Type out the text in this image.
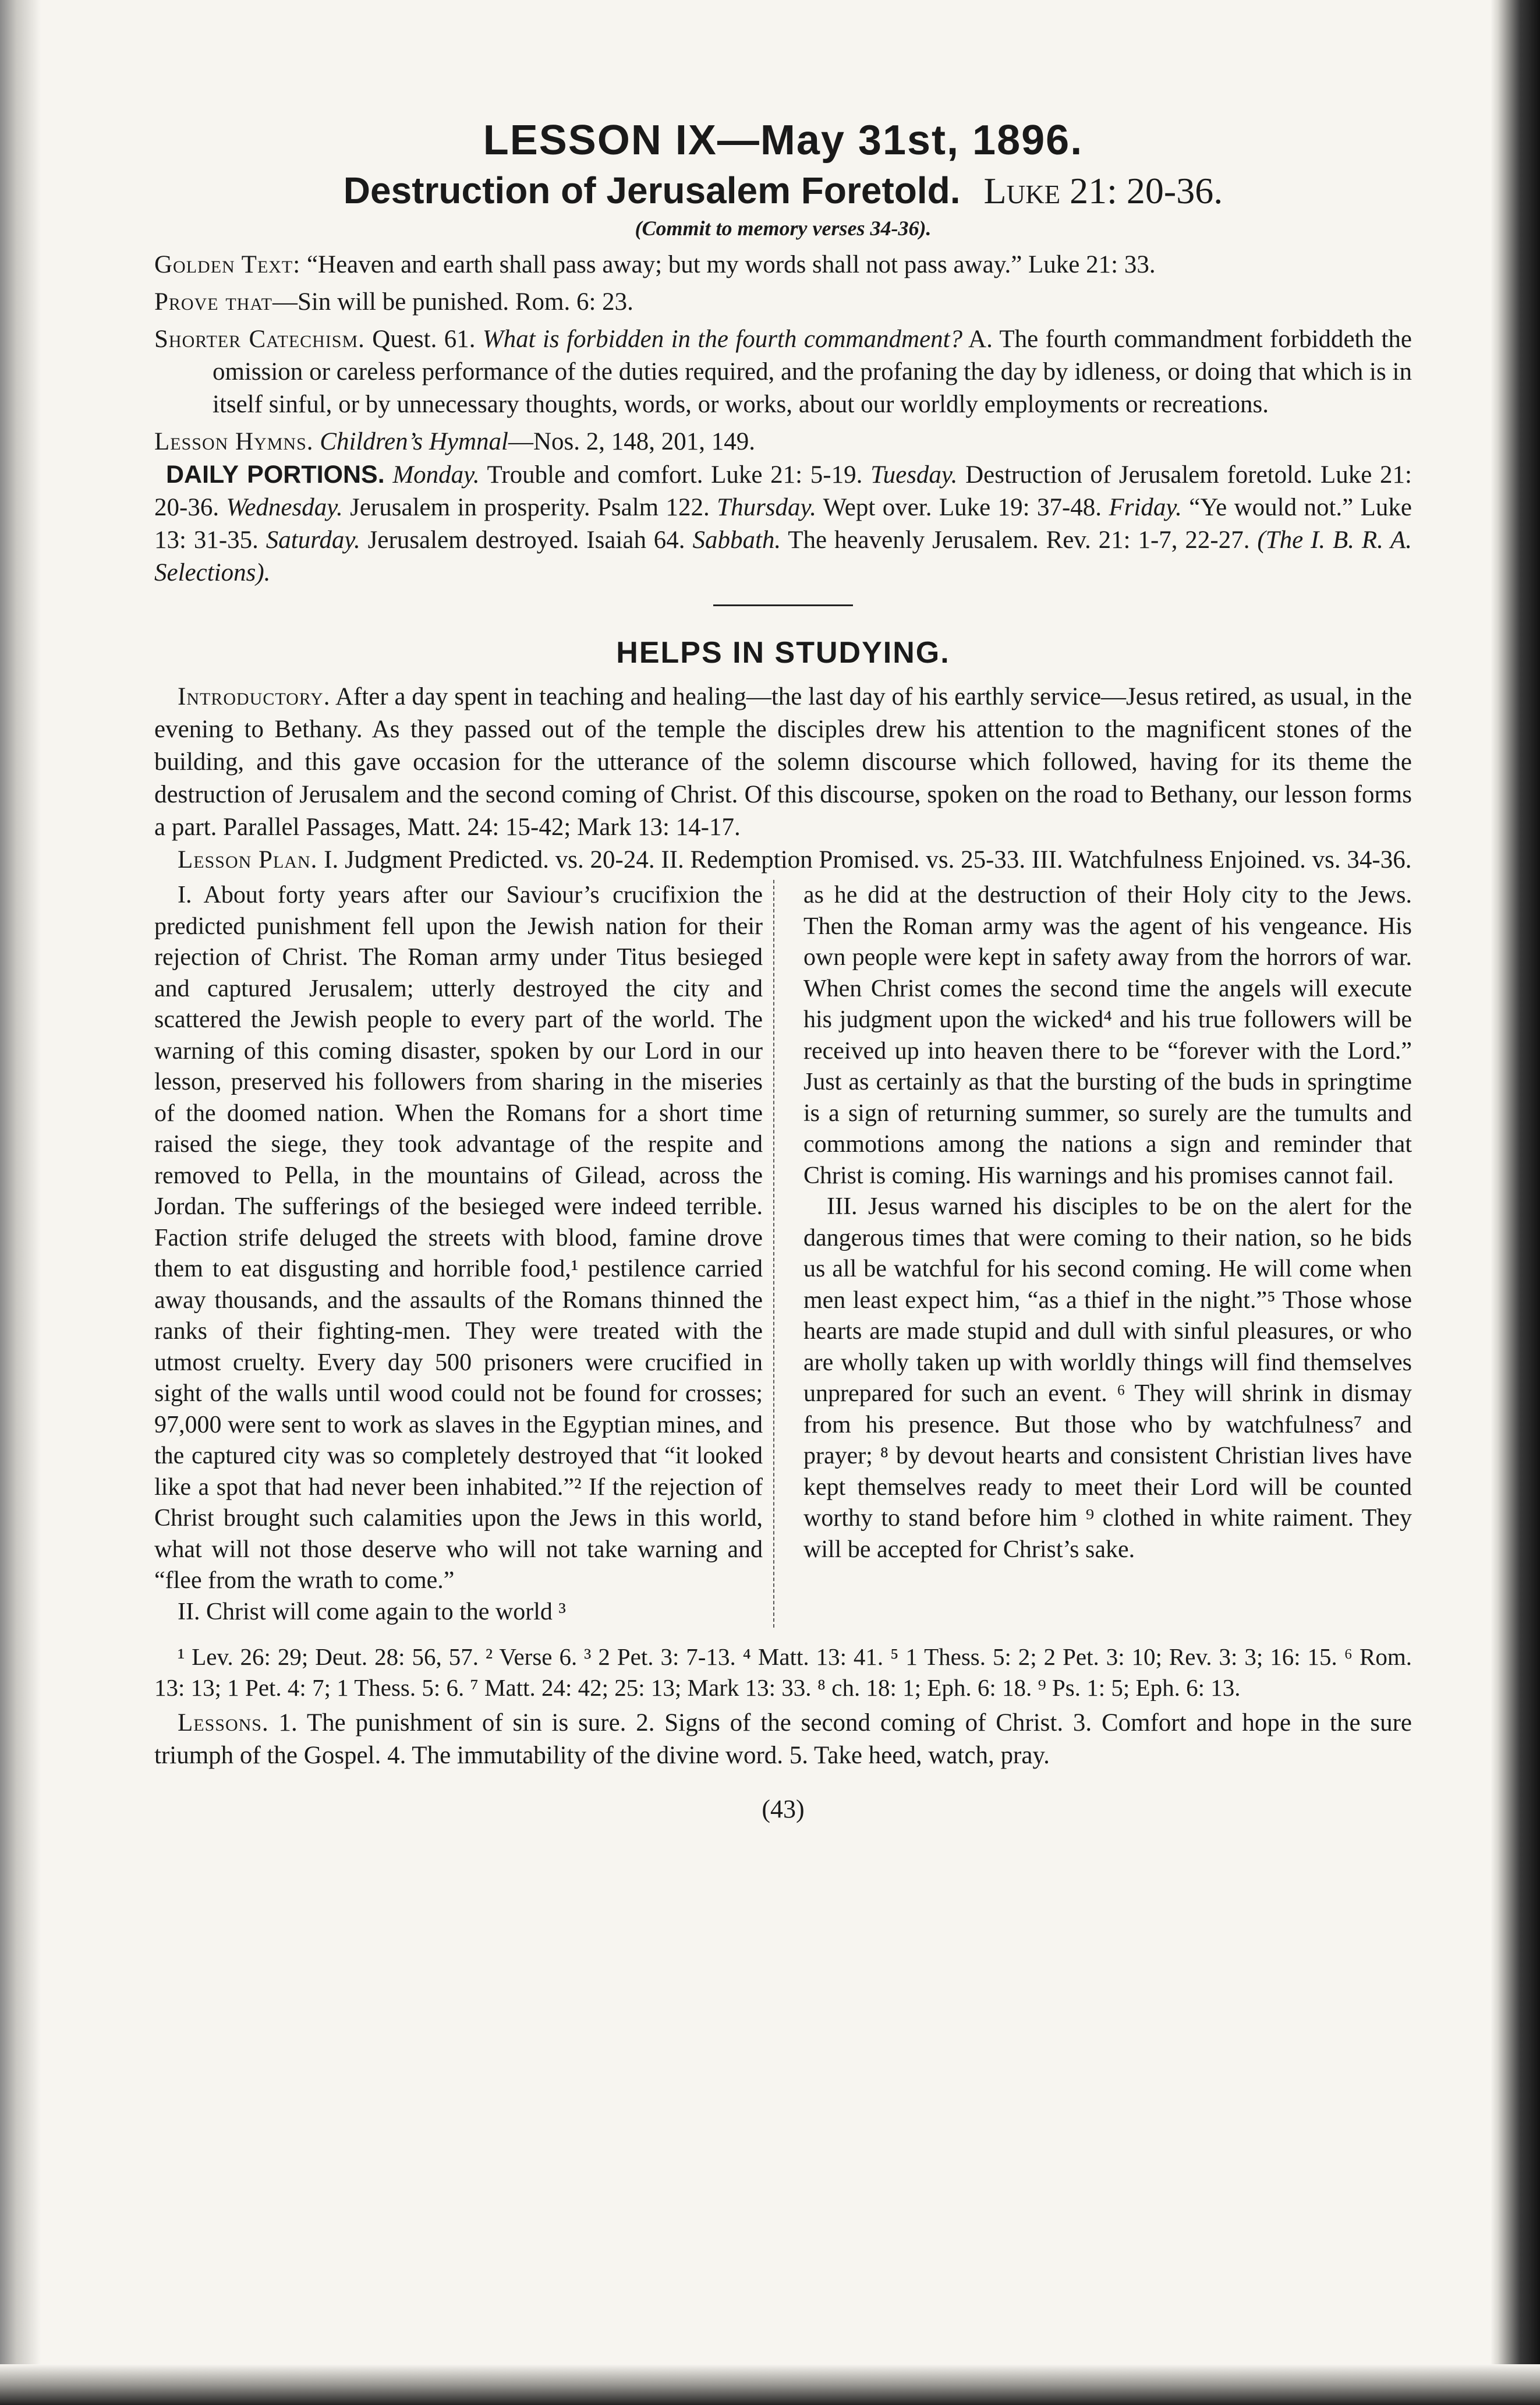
LESSON IX—May 31st, 1896.

Destruction of Jerusalem Foretold. Luke 21: 20-36.

(Commit to memory verses 34-36).

Golden Text: “Heaven and earth shall pass away; but my words shall not pass away.” Luke 21: 33.

Prove that—Sin will be punished. Rom. 6: 23.

Shorter Catechism. Quest. 61. What is forbidden in the fourth commandment? A. The fourth commandment forbiddeth the omission or careless performance of the duties required, and the profaning the day by idleness, or doing that which is in itself sinful, or by unnecessary thoughts, words, or works, about our worldly employments or recreations.

Lesson Hymns. Children’s Hymnal—Nos. 2, 148, 201, 149.

DAILY PORTIONS. Monday. Trouble and comfort. Luke 21: 5-19. Tuesday. Destruction of Jerusalem foretold. Luke 21: 20-36. Wednesday. Jerusalem in prosperity. Psalm 122. Thursday. Wept over. Luke 19: 37-48. Friday. “Ye would not.” Luke 13: 31-35. Saturday. Jerusalem destroyed. Isaiah 64. Sabbath. The heavenly Jerusalem. Rev. 21: 1-7, 22-27. (The I. B. R. A. Selections).

HELPS IN STUDYING.

Introductory. After a day spent in teaching and healing—the last day of his earthly service—Jesus retired, as usual, in the evening to Bethany. As they passed out of the temple the disciples drew his attention to the magnificent stones of the building, and this gave occasion for the utterance of the solemn discourse which followed, having for its theme the destruction of Jerusalem and the second coming of Christ. Of this discourse, spoken on the road to Bethany, our lesson forms a part. Parallel Passages, Matt. 24: 15-42; Mark 13: 14-17.

Lesson Plan. I. Judgment Predicted. vs. 20-24. II. Redemption Promised. vs. 25-33. III. Watchfulness Enjoined. vs. 34-36.

I. About forty years after our Saviour’s crucifixion the predicted punishment fell upon the Jewish nation for their rejection of Christ. The Roman army under Titus besieged and captured Jerusalem; utterly destroyed the city and scattered the Jewish people to every part of the world. The warning of this coming disaster, spoken by our Lord in our lesson, preserved his followers from sharing in the miseries of the doomed nation. When the Romans for a short time raised the siege, they took advantage of the respite and removed to Pella, in the mountains of Gilead, across the Jordan. The sufferings of the besieged were indeed terrible. Faction strife deluged the streets with blood, famine drove them to eat disgusting and horrible food,¹ pestilence carried away thousands, and the assaults of the Romans thinned the ranks of their fighting-men. They were treated with the utmost cruelty. Every day 500 prisoners were crucified in sight of the walls until wood could not be found for crosses; 97,000 were sent to work as slaves in the Egyptian mines, and the captured city was so completely destroyed that “it looked like a spot that had never been inhabited.”² If the rejection of Christ brought such calamities upon the Jews in this world, what will not those deserve who will not take warning and “flee from the wrath to come.”

II. Christ will come again to the world ³

as he did at the destruction of their Holy city to the Jews. Then the Roman army was the agent of his vengeance. His own people were kept in safety away from the horrors of war. When Christ comes the second time the angels will execute his judgment upon the wicked⁴ and his true followers will be received up into heaven there to be “forever with the Lord.” Just as certainly as that the bursting of the buds in springtime is a sign of returning summer, so surely are the tumults and commotions among the nations a sign and reminder that Christ is coming. His warnings and his promises cannot fail.

III. Jesus warned his disciples to be on the alert for the dangerous times that were coming to their nation, so he bids us all be watchful for his second coming. He will come when men least expect him, “as a thief in the night.”⁵ Those whose hearts are made stupid and dull with sinful pleasures, or who are wholly taken up with worldly things will find themselves unprepared for such an event. ⁶ They will shrink in dismay from his presence. But those who by watchfulness⁷ and prayer; ⁸ by devout hearts and consistent Christian lives have kept themselves ready to meet their Lord will be counted worthy to stand before him ⁹ clothed in white raiment. They will be accepted for Christ’s sake.

¹ Lev. 26: 29; Deut. 28: 56, 57. ² Verse 6. ³ 2 Pet. 3: 7-13. ⁴ Matt. 13: 41. ⁵ 1 Thess. 5: 2; 2 Pet. 3: 10; Rev. 3: 3; 16: 15. ⁶ Rom. 13: 13; 1 Pet. 4: 7; 1 Thess. 5: 6. ⁷ Matt. 24: 42; 25: 13; Mark 13: 33. ⁸ ch. 18: 1; Eph. 6: 18. ⁹ Ps. 1: 5; Eph. 6: 13.

Lessons. 1. The punishment of sin is sure. 2. Signs of the second coming of Christ. 3. Comfort and hope in the sure triumph of the Gospel. 4. The immutability of the divine word. 5. Take heed, watch, pray.

(43)
